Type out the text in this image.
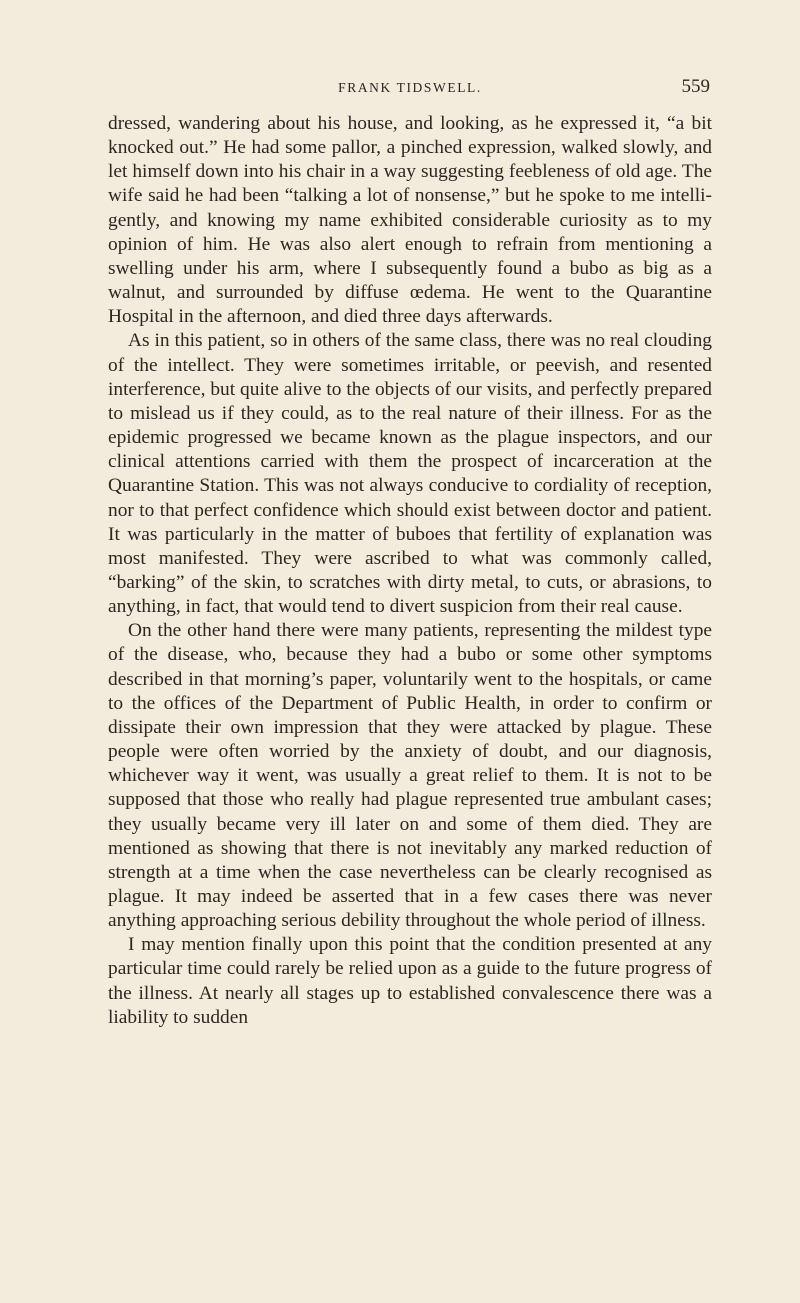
FRANK TIDSWELL.	559

dressed, wandering about his house, and looking, as he expressed it, “a bit knocked out.” He had some pallor, a pinched expression, walked slowly, and let himself down into his chair in a way suggesting feebleness of old age. The wife said he had been “talking a lot of nonsense,” but he spoke to me intelligently, and knowing my name exhibited considerable curiosity as to my opinion of him. He was also alert enough to refrain from mentioning a swelling under his arm, where I subsequently found a bubo as big as a walnut, and surrounded by diffuse œdema. He went to the Quarantine Hospital in the afternoon, and died three days afterwards.

As in this patient, so in others of the same class, there was no real clouding of the intellect. They were sometimes irritable, or peevish, and resented interference, but quite alive to the objects of our visits, and perfectly prepared to mislead us if they could, as to the real nature of their illness. For as the epidemic progressed we became known as the plague inspectors, and our clinical attentions carried with them the prospect of incarceration at the Quarantine Station. This was not always conducive to cordiality of reception, nor to that perfect confidence which should exist between doctor and patient. It was particularly in the matter of buboes that fertility of explanation was most manifested. They were ascribed to what was commonly called, “barking” of the skin, to scratches with dirty metal, to cuts, or abrasions, to anything, in fact, that would tend to divert suspicion from their real cause.

On the other hand there were many patients, representing the mildest type of the disease, who, because they had a bubo or some other symptoms described in that morning’s paper, voluntarily went to the hospitals, or came to the offices of the Department of Public Health, in order to confirm or dissipate their own impression that they were attacked by plague. These people were often worried by the anxiety of doubt, and our diagnosis, whichever way it went, was usually a great relief to them. It is not to be supposed that those who really had plague represented true ambulant cases; they usually became very ill later on and some of them died. They are mentioned as showing that there is not inevitably any marked reduction of strength at a time when the case nevertheless can be clearly recognised as plague. It may indeed be asserted that in a few cases there was never anything approaching serious debility throughout the whole period of illness.

I may mention finally upon this point that the condition presented at any particular time could rarely be relied upon as a guide to the future progress of the illness. At nearly all stages up to established convalescence there was a liability to sudden
